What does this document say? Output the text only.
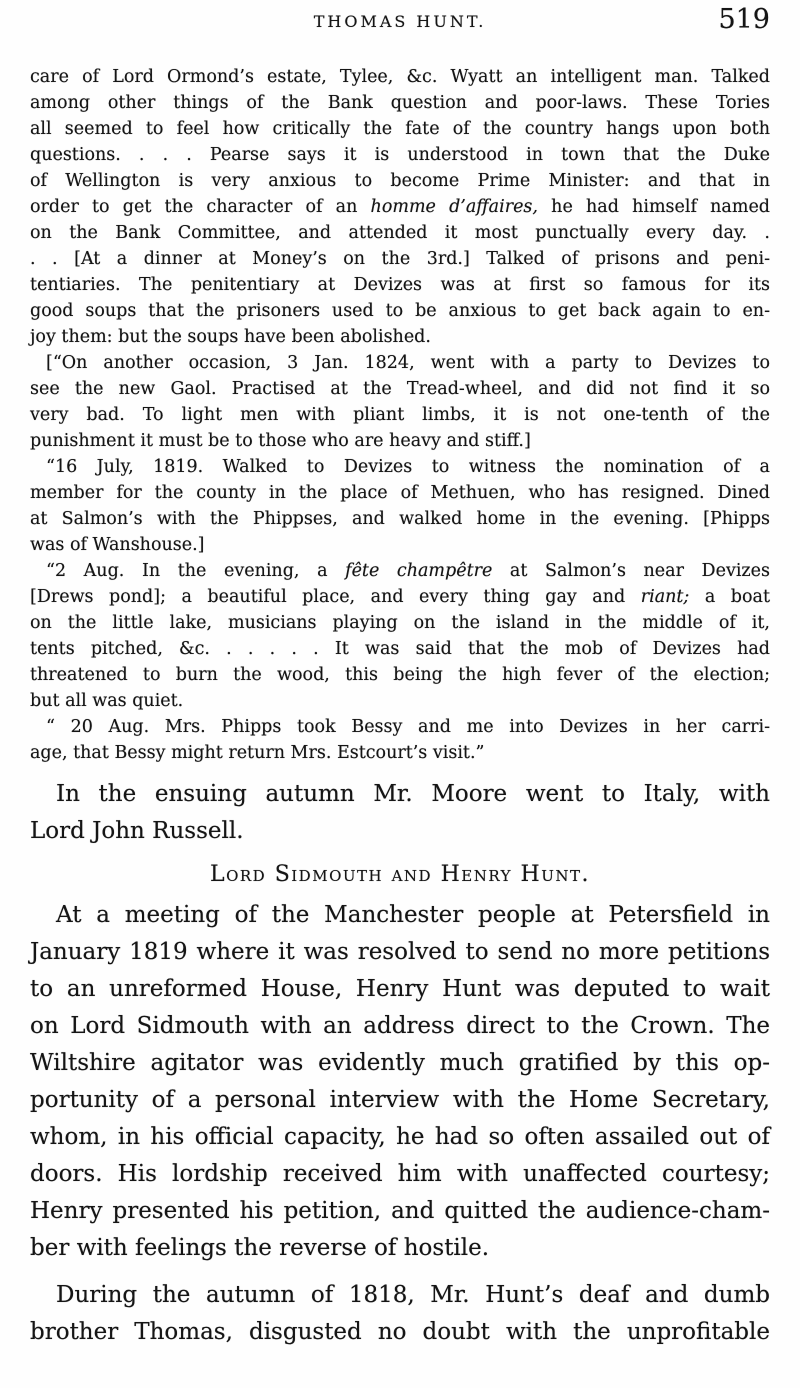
THOMAS HUNT.	519
care of Lord Ormond’s estate, Tylee, &c. Wyatt an intelligent man. Talked
among other things of the Bank question and poor-laws. These Tories
all seemed to feel how critically the fate of the country hangs upon both
questions. . . . Pearse says it is understood in town that the Duke
of Wellington is very anxious to become Prime Minister: and that in
order to get the character of an homme d’affaires, he had himself named
on the Bank Committee, and attended it most punctually every day. .
. . [At a dinner at Money’s on the 3rd.] Talked of prisons and peni-
tentiaries. The penitentiary at Devizes was at first so famous for its
good soups that the prisoners used to be anxious to get back again to en-
joy them: but the soups have been abolished.
[“On another occasion, 3 Jan. 1824, went with a party to Devizes to
see the new Gaol. Practised at the Tread-wheel, and did not find it so
very bad. To light men with pliant limbs, it is not one-tenth of the
punishment it must be to those who are heavy and stiff.]
“16 July, 1819. Walked to Devizes to witness the nomination of a
member for the county in the place of Methuen, who has resigned. Dined
at Salmon’s with the Phippses, and walked home in the evening. [Phipps
was of Wanshouse.]
“2 Aug. In the evening, a fête champêtre at Salmon’s near Devizes
[Drews pond]; a beautiful place, and every thing gay and riant; a boat
on the little lake, musicians playing on the island in the middle of it,
tents pitched, &c. . . . . . It was said that the mob of Devizes had
threatened to burn the wood, this being the high fever of the election;
but all was quiet.
“ 20 Aug. Mrs. Phipps took Bessy and me into Devizes in her carri-
age, that Bessy might return Mrs. Estcourt’s visit.”
In the ensuing autumn Mr. Moore went to Italy, with
Lord John Russell.
Lord Sidmouth and Henry Hunt.
At a meeting of the Manchester people at Petersfield in
January 1819 where it was resolved to send no more petitions
to an unreformed House, Henry Hunt was deputed to wait
on Lord Sidmouth with an address direct to the Crown. The
Wiltshire agitator was evidently much gratified by this op-
portunity of a personal interview with the Home Secretary,
whom, in his official capacity, he had so often assailed out of
doors. His lordship received him with unaffected courtesy;
Henry presented his petition, and quitted the audience-cham-
ber with feelings the reverse of hostile.
During the autumn of 1818, Mr. Hunt’s deaf and dumb
brother Thomas, disgusted no doubt with the unprofitable
